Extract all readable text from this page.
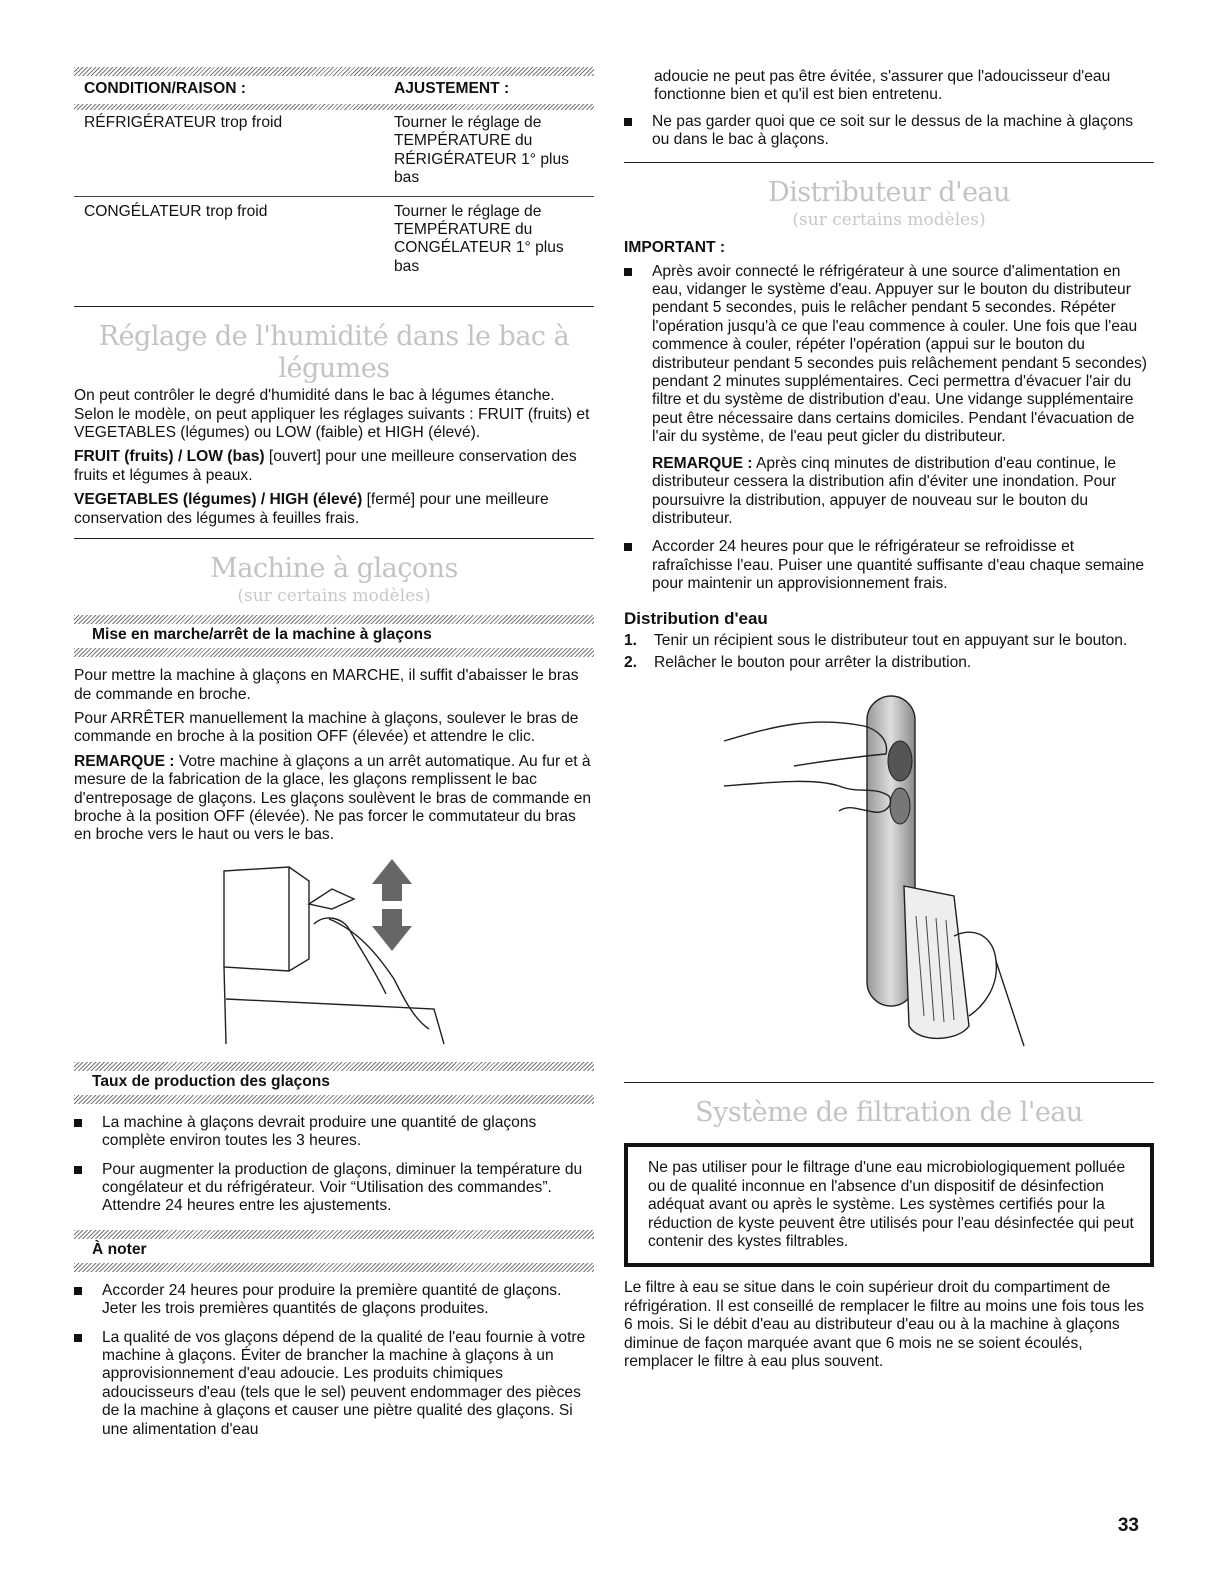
CONDITION/RAISON :	AJUSTEMENT :
RÉFRIGÉRATEUR trop froid	Tourner le réglage de TEMPÉRATURE du RÉRIGÉRATEUR 1° plus bas
CONGÉLATEUR trop froid	Tourner le réglage de TEMPÉRATURE du CONGÉLATEUR 1° plus bas
Réglage de l'humidité dans le bac à légumes

On peut contrôler le degré d'humidité dans le bac à légumes étanche. Selon le modèle, on peut appliquer les réglages suivants : FRUIT (fruits) et VEGETABLES (légumes) ou LOW (faible) et HIGH (élevé).

FRUIT (fruits) / LOW (bas) [ouvert] pour une meilleure conservation des fruits et légumes à peaux.

VEGETABLES (légumes) / HIGH (élevé) [fermé] pour une meilleure conservation des légumes à feuilles frais.

Machine à glaçons
(sur certains modèles)
Mise en marche/arrêt de la machine à glaçons

Pour mettre la machine à glaçons en MARCHE, il suffit d'abaisser le bras de commande en broche.

Pour ARRÊTER manuellement la machine à glaçons, soulever le bras de commande en broche à la position OFF (élevée) et attendre le clic.

REMARQUE : Votre machine à glaçons a un arrêt automatique. Au fur et à mesure de la fabrication de la glace, les glaçons remplissent le bac d'entreposage de glaçons. Les glaçons soulèvent le bras de commande en broche à la position OFF (élevée). Ne pas forcer le commutateur du bras en broche vers le haut ou vers le bas.

Taux de production des glaçons

La machine à glaçons devrait produire une quantité de glaçons complète environ toutes les 3 heures.

Pour augmenter la production de glaçons, diminuer la température du congélateur et du réfrigérateur. Voir “Utilisation des commandes”. Attendre 24 heures entre les ajustements.

À noter

Accorder 24 heures pour produire la première quantité de glaçons. Jeter les trois premières quantités de glaçons produites.

La qualité de vos glaçons dépend de la qualité de l'eau fournie à votre machine à glaçons. Éviter de brancher la machine à glaçons à un approvisionnement d'eau adoucie. Les produits chimiques adoucisseurs d'eau (tels que le sel) peuvent endommager des pièces de la machine à glaçons et causer une piètre qualité des glaçons. Si une alimentation d'eau

adoucie ne peut pas être évitée, s'assurer que l'adoucisseur d'eau fonctionne bien et qu'il est bien entretenu.

Ne pas garder quoi que ce soit sur le dessus de la machine à glaçons ou dans le bac à glaçons.

Distributeur d'eau
(sur certains modèles)
IMPORTANT :

Après avoir connecté le réfrigérateur à une source d'alimentation en eau, vidanger le système d'eau. Appuyer sur le bouton du distributeur pendant 5 secondes, puis le relâcher pendant 5 secondes. Répéter l'opération jusqu'à ce que l'eau commence à couler. Une fois que l'eau commence à couler, répéter l'opération (appui sur le bouton du distributeur pendant 5 secondes puis relâchement pendant 5 secondes) pendant 2 minutes supplémentaires. Ceci permettra d'évacuer l'air du filtre et du système de distribution d'eau. Une vidange supplémentaire peut être nécessaire dans certains domiciles. Pendant l'évacuation de l'air du système, de l'eau peut gicler du distributeur.

REMARQUE : Après cinq minutes de distribution d'eau continue, le distributeur cessera la distribution afin d'éviter une inondation. Pour poursuivre la distribution, appuyer de nouveau sur le bouton du distributeur.

Accorder 24 heures pour que le réfrigérateur se refroidisse et rafraîchisse l'eau. Puiser une quantité suffisante d'eau chaque semaine pour maintenir un approvisionnement frais.

Distribution d'eau

1. Tenir un récipient sous le distributeur tout en appuyant sur le bouton.

2. Relâcher le bouton pour arrêter la distribution.

Système de filtration de l'eau

Ne pas utiliser pour le filtrage d'une eau microbiologiquement polluée ou de qualité inconnue en l'absence d'un dispositif de désinfection adéquat avant ou après le système. Les systèmes certifiés pour la réduction de kyste peuvent être utilisés pour l'eau désinfectée qui peut contenir des kystes filtrables.

Le filtre à eau se situe dans le coin supérieur droit du compartiment de réfrigération. Il est conseillé de remplacer le filtre au moins une fois tous les 6 mois. Si le débit d'eau au distributeur d'eau ou à la machine à glaçons diminue de façon marquée avant que 6 mois ne se soient écoulés, remplacer le filtre à eau plus souvent.

33
